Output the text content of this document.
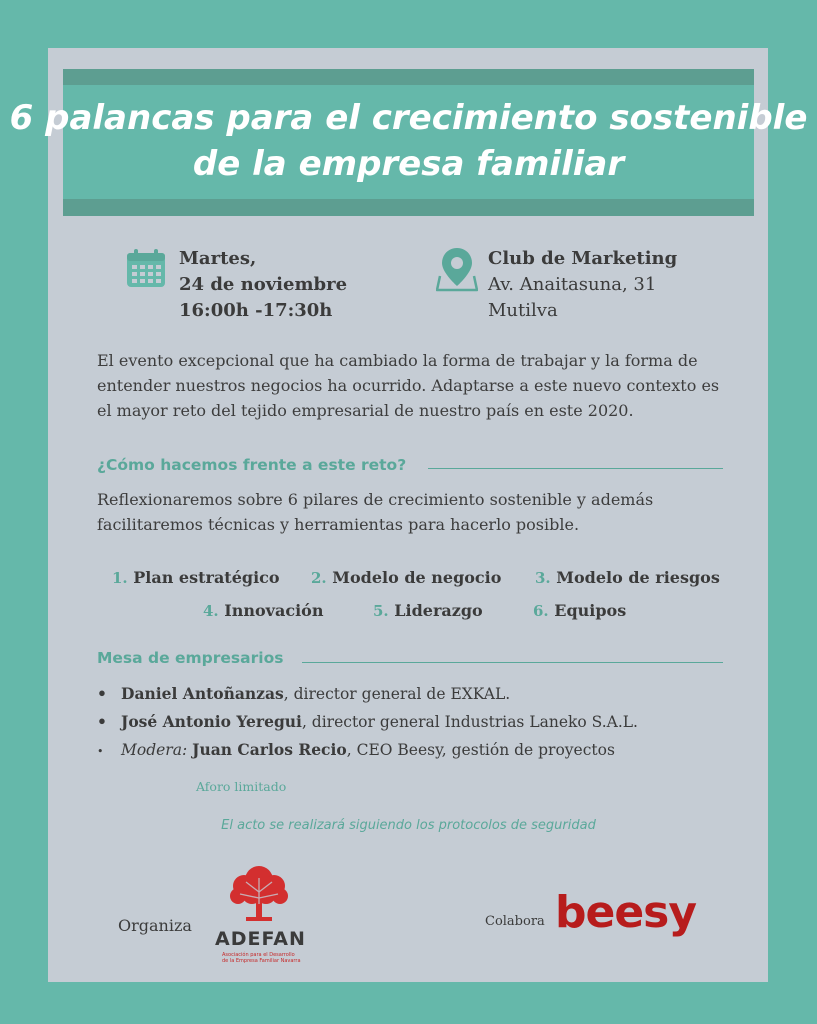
6 palancas para el crecimiento sostenible
de la empresa familiar
Martes,
24 de noviembre
16:00h -17:30h
Club de Marketing
Av. Anaitasuna, 31
Mutilva
El evento excepcional que ha cambiado la forma de trabajar y la forma de entender nuestros negocios ha ocurrido. Adaptarse a este nuevo contexto es el mayor reto del tejido empresarial de nuestro país en este 2020.
¿Cómo hacemos frente a este reto?
Reflexionaremos sobre 6 pilares de crecimiento sostenible y además facilitaremos técnicas y herramientas para hacerlo posible.
1. Plan estratégico 2. Modelo de negocio 3. Modelo de riesgos
4. Innovación	5. Liderazgo	6. Equipos
Mesa de empresarios
• Daniel Antoñanzas, director general de EXKAL.
• José Antonio Yeregui, director general Industrias Laneko S.A.L.
• Modera: Juan Carlos Recio, CEO Beesy, gestión de proyectos
Aforo limitado
El acto se realizará siguiendo los protocolos de seguridad
Organiza
ADEFAN
Asociación para el Desarrollo
de la Empresa Familiar Navarra
Colabora beesy
